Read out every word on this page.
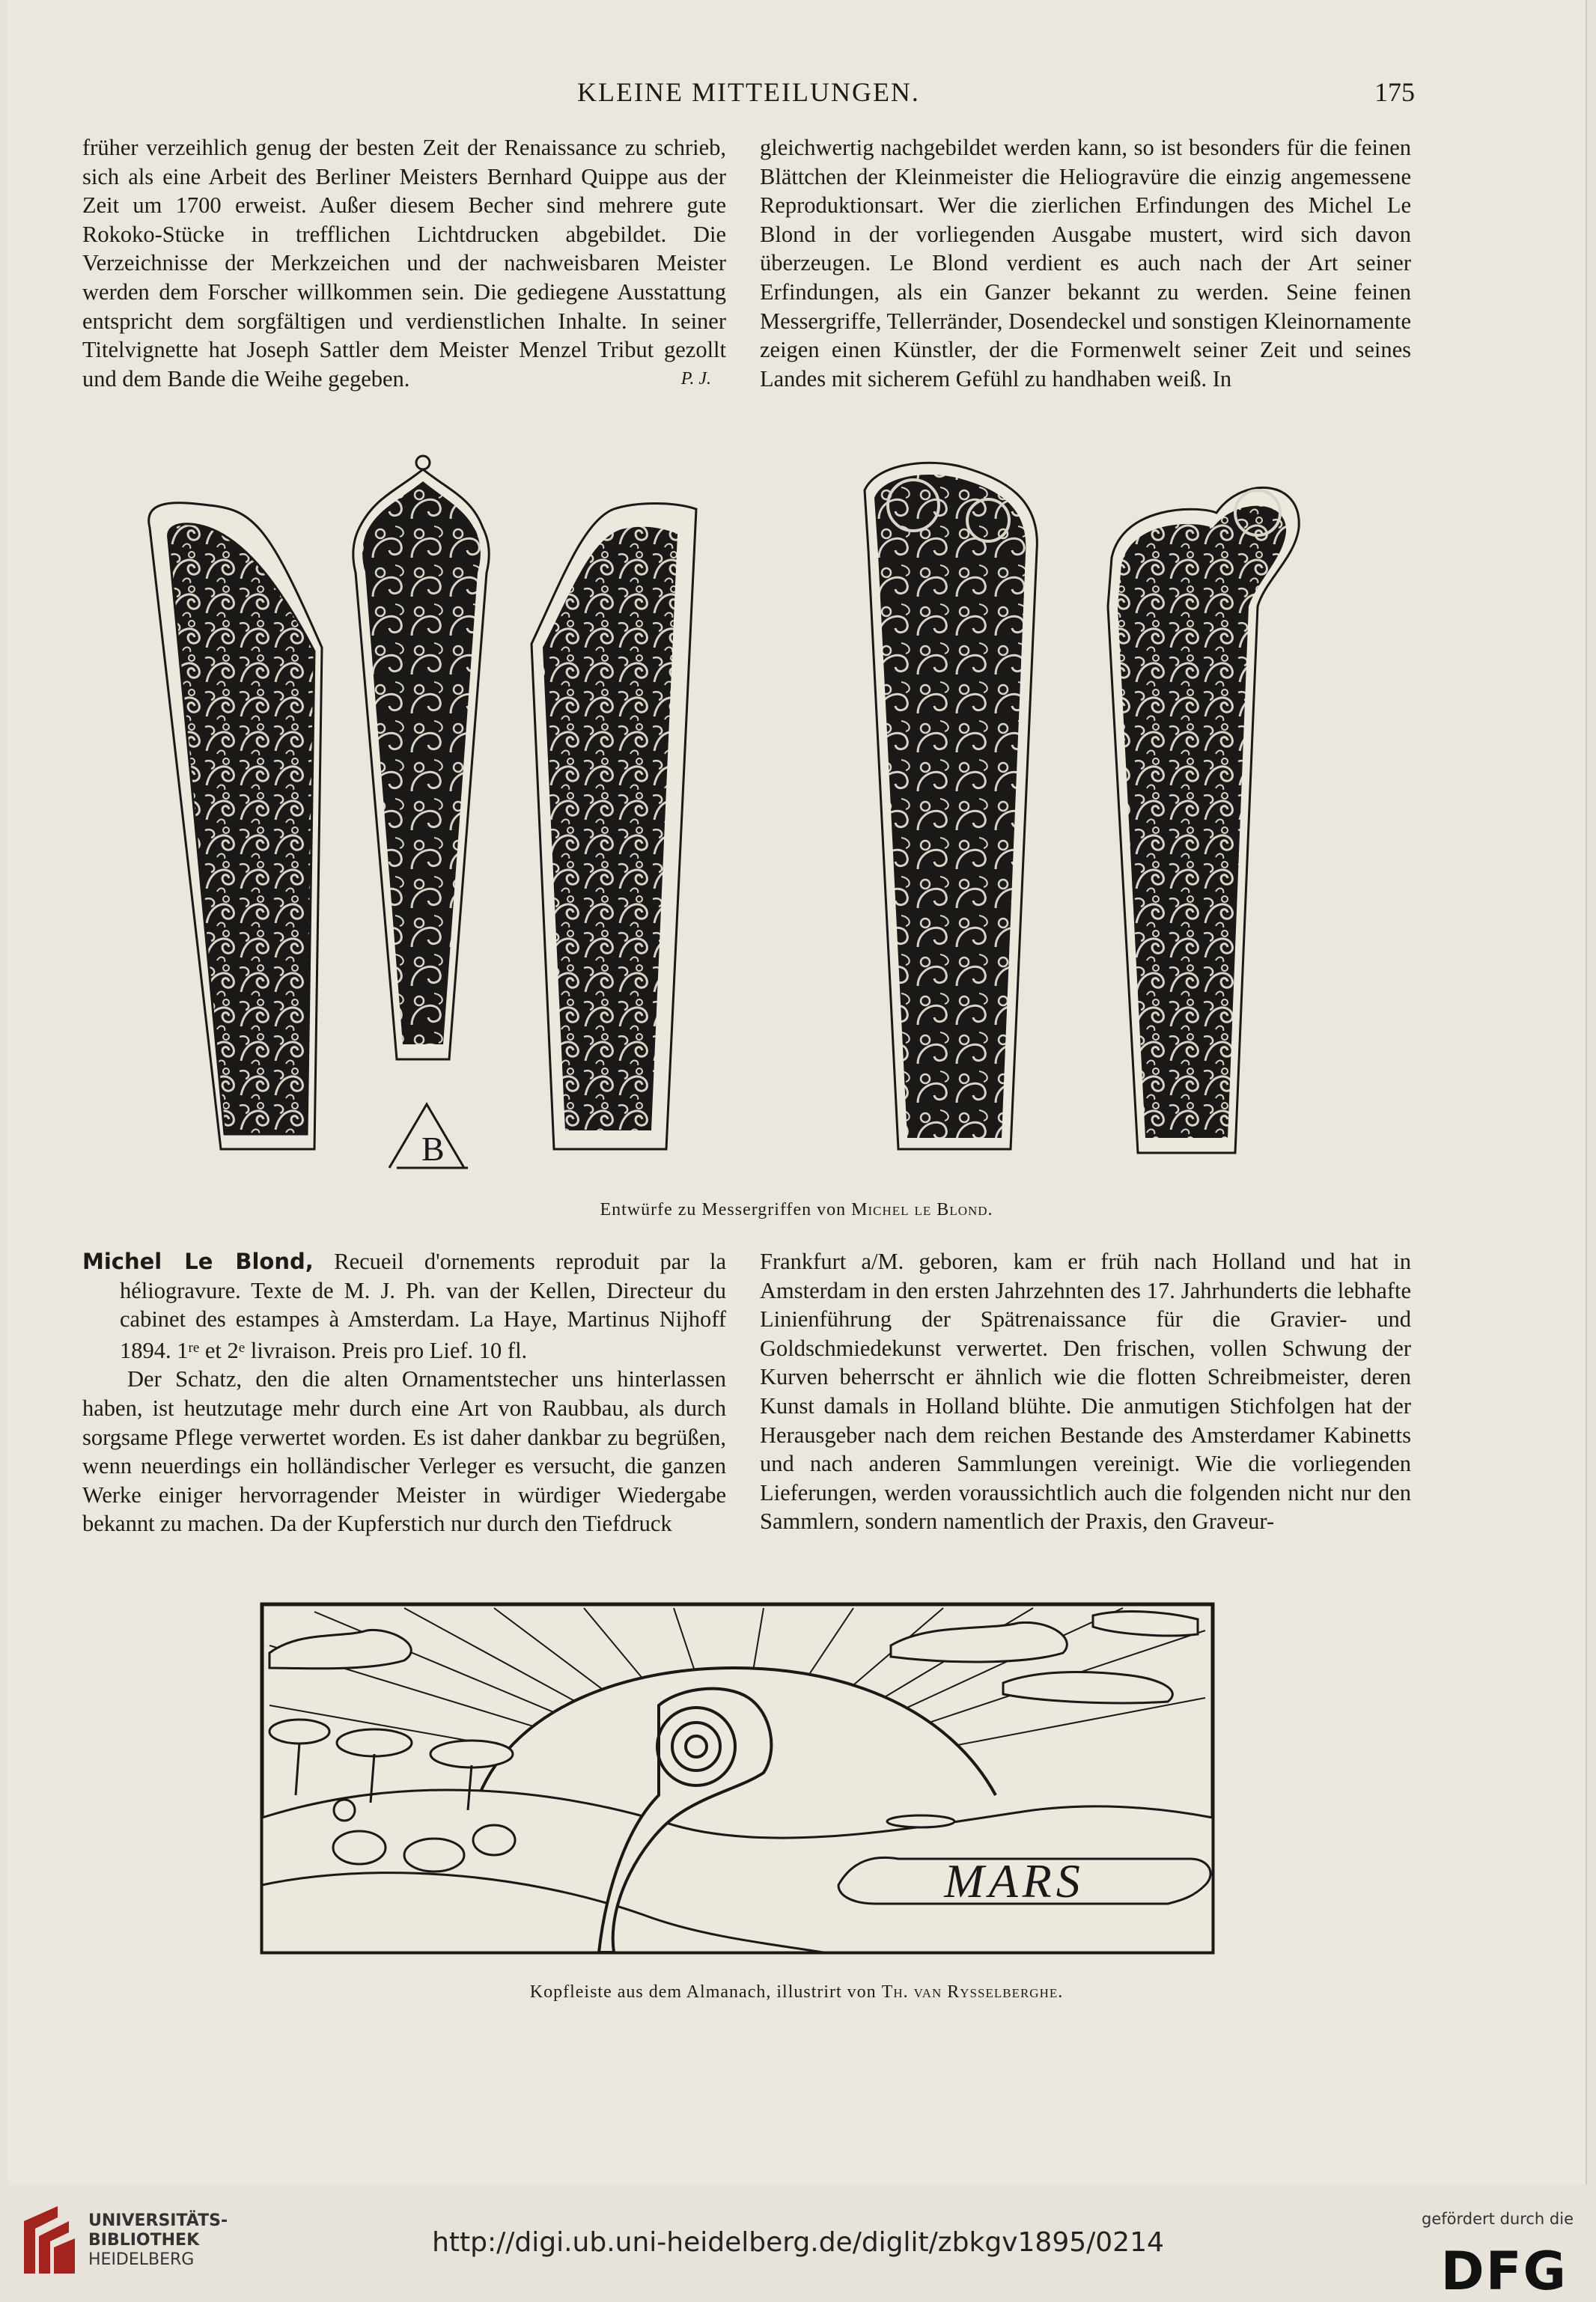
KLEINE MITTEILUNGEN.	175

früher verzeihlich genug der besten Zeit der Renaissance zu schrieb, sich als eine Arbeit des Berliner Meisters Bernhard Quippe aus der Zeit um 1700 erweist. Außer diesem Becher sind mehrere gute Rokoko-Stücke in trefflichen Lichtdrucken abgebildet. Die Verzeichnisse der Merkzeichen und der nachweisbaren Meister werden dem Forscher willkommen sein. Die gediegene Ausstattung entspricht dem sorgfältigen und verdienstlichen Inhalte. In seiner Titelvignette hat Joseph Sattler dem Meister Menzel Tribut gezollt und dem Bande die Weihe gegeben.	P. J.

gleichwertig nachgebildet werden kann, so ist besonders für die feinen Blättchen der Kleinmeister die Heliogravüre die einzig angemessene Reproduktionsart. Wer die zierlichen Erfindungen des Michel Le Blond in der vorliegenden Ausgabe mustert, wird sich davon überzeugen. Le Blond verdient es auch nach der Art seiner Erfindungen, als ein Ganzer bekannt zu werden. Seine feinen Messergriffe, Tellerränder, Dosendeckel und sonstigen Kleinornamente zeigen einen Künstler, der die Formenwelt seiner Zeit und seines Landes mit sicherem Gefühl zu handhaben weiß. In

B
Entwürfe zu Messergriffen von Michel le Blond.

Michel Le Blond, Recueil d'ornements reproduit par la héliogravure. Texte de M. J. Ph. van der Kellen, Directeur du cabinet des estampes à Amsterdam. La Haye, Martinus Nijhoff 1894. 1re et 2e livraison. Preis pro Lief. 10 fl.

Der Schatz, den die alten Ornamentstecher uns hinterlassen haben, ist heutzutage mehr durch eine Art von Raubbau, als durch sorgsame Pflege verwertet worden. Es ist daher dankbar zu begrüßen, wenn neuerdings ein holländischer Verleger es versucht, die ganzen Werke einiger hervorragender Meister in würdiger Wiedergabe bekannt zu machen. Da der Kupferstich nur durch den Tiefdruck

Frankfurt a/M. geboren, kam er früh nach Holland und hat in Amsterdam in den ersten Jahrzehnten des 17. Jahrhunderts die lebhafte Linienführung der Spätrenaissance für die Gravier- und Goldschmiedekunst verwertet. Den frischen, vollen Schwung der Kurven beherrscht er ähnlich wie die flotten Schreibmeister, deren Kunst damals in Holland blühte. Die anmutigen Stichfolgen hat der Herausgeber nach dem reichen Bestande des Amsterdamer Kabinetts und nach anderen Sammlungen vereinigt. Wie die vorliegenden Lieferungen, werden voraussichtlich auch die folgenden nicht nur den Sammlern, sondern namentlich der Praxis, den Graveur-

MARS
Kopfleiste aus dem Almanach, illustrirt von Th. van Rysselberghe.
UNIVERSITÄTS-
BIBLIOTHEK
HEIDELBERG
http://digi.ub.uni-heidelberg.de/diglit/zbkgv1895/0214
gefördert durch die
DFG
